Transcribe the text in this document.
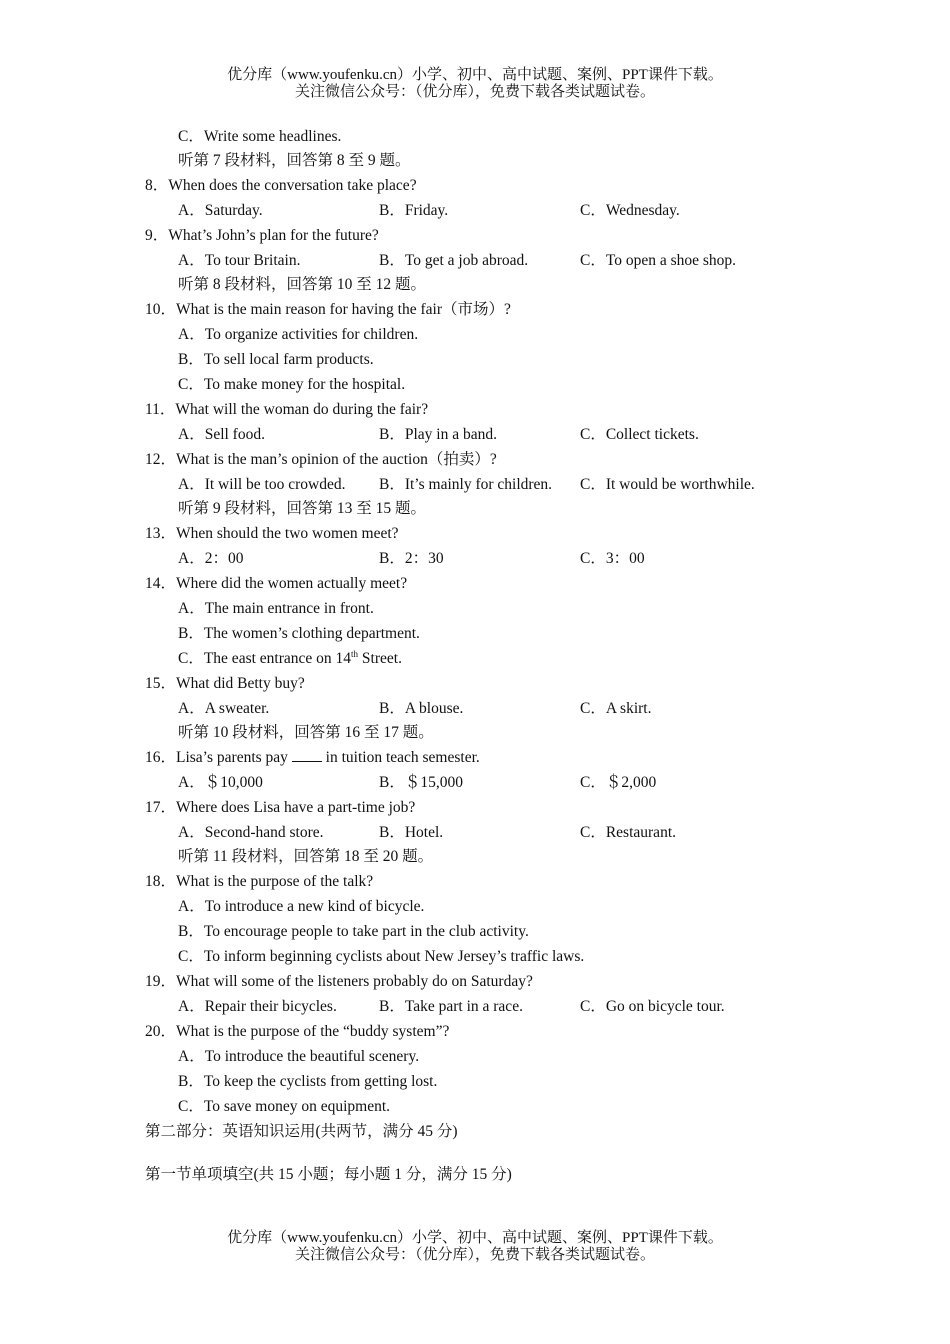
优分库（www.youfenku.cn）小学、初中、高中试题、案例、PPT课件下载。
关注微信公众号：（优分库），免费下载各类试题试卷。
C．Write some headlines.
听第 7 段材料，回答第 8 至 9 题。
8．When does the conversation take place?
A．Saturday.	B．Friday.	C．Wednesday.
9．What’s John’s plan for the future?
A．To tour Britain.	B．To get a job abroad.	C．To open a shoe shop.
听第 8 段材料，回答第 10 至 12 题。
10．What is the main reason for having the fair（市场）?
A．To organize activities for children.
B．To sell local farm products.
C．To make money for the hospital.
11．What will the woman do during the fair?
A．Sell food.	B．Play in a band.	C．Collect tickets.
12．What is the man’s opinion of the auction（拍卖）?
A．It will be too crowded. B．It’s mainly for children. C．It would be worthwhile.
听第 9 段材料，回答第 13 至 15 题。
13．When should the two women meet?
A．2：00	B．2：30	C．3：00
14．Where did the women actually meet?
A．The main entrance in front.
B．The women’s clothing department.
C．The east entrance on 14th Street.
15．What did Betty buy?
A．A sweater.	B．A blouse.	C．A skirt.
听第 10 段材料，回答第 16 至 17 题。
16．Lisa’s parents pay in tuition teach semester.
A．＄10,000	B．＄15,000	C．＄2,000
17．Where does Lisa have a part-time job?
A．Second-hand store.	B．Hotel.	C．Restaurant.
听第 11 段材料，回答第 18 至 20 题。
18．What is the purpose of the talk?
A．To introduce a new kind of bicycle.
B．To encourage people to take part in the club activity.
C．To inform beginning cyclists about New Jersey’s traffic laws.
19．What will some of the listeners probably do on Saturday?
A．Repair their bicycles.	B．Take part in a race.	C．Go on bicycle tour.
20．What is the purpose of the “buddy system”?
A．To introduce the beautiful scenery.
B．To keep the cyclists from getting lost.
C．To save money on equipment.
第二部分：英语知识运用(共两节，满分 45 分)
第一节单项填空(共 15 小题；每小题 1 分，满分 15 分)
优分库（www.youfenku.cn）小学、初中、高中试题、案例、PPT课件下载。
关注微信公众号：（优分库），免费下载各类试题试卷。
